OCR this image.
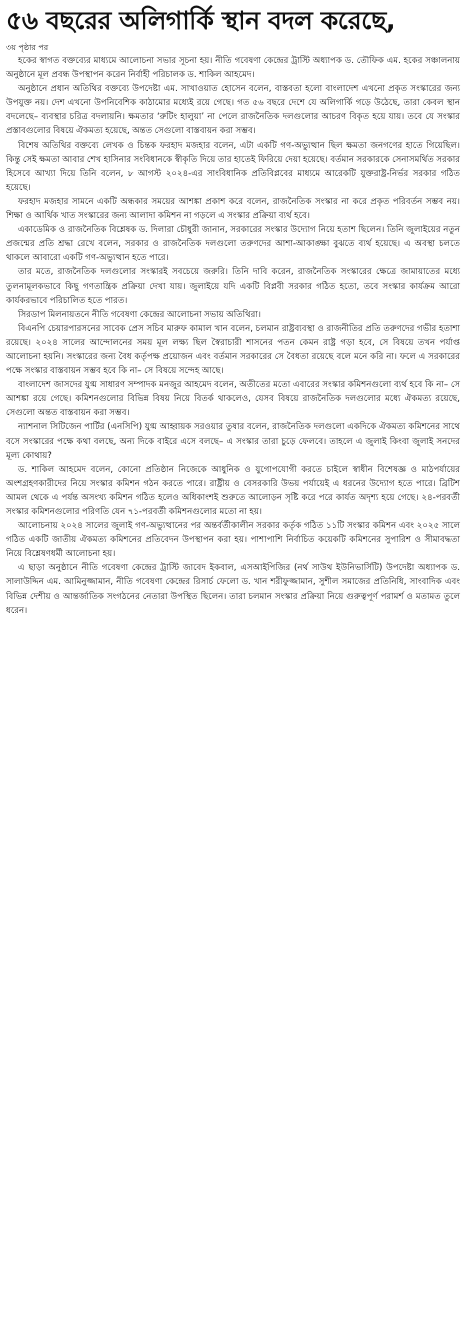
৫৬ বছরের অলিগার্কি স্থান বদল করেছে,
৩য় পৃষ্ঠার পর

হকের স্বাগত বক্তব্যের মাধ্যমে আলোচনা সভার সূচনা হয়। নীতি গবেষণা কেন্দ্রের ট্রাস্টি অধ্যাপক ড. তৌফিক এম. হকের সঞ্চালনায় অনুষ্ঠানে মূল প্রবন্ধ উপস্থাপন করেন নির্বাহী পরিচালক ড. শাকিল আহমেদ।

অনুষ্ঠানে প্রধান অতিথির বক্তব্যে উপদেষ্টা এম. সাখাওয়াত হোসেন বলেন, বাস্তবতা হলো বাংলাদেশ এখনো প্রকৃত সংস্কারের জন্য উপযুক্ত নয়। দেশ এখনো উপনিবেশিক কাঠামোর মধ্যেই রয়ে গেছে। গত ৫৬ বছরে দেশে যে অলিগার্কি গড়ে উঠেছে, তারা কেবল স্থান বদলেছে– ব্যবস্থার চরিত্র বদলায়নি। ক্ষমতার ‘রুটিং হালুয়া’ না পেলে রাজনৈতিক দলগুলোর আচরণ বিকৃত হয়ে যায়। তবে যে সংস্কার প্রস্তাবগুলোর বিষয়ে ঐকমত্য হয়েছে, অন্তত সেগুলো বাস্তবায়ন করা সম্ভব।

বিশেষ অতিথির বক্তব্যে লেখক ও চিন্তক ফরহাদ মজহার বলেন, এটা একটি গণ-অভ্যুত্থান ছিল ক্ষমতা জনগণের হাতে গিয়েছিল। কিন্তু সেই ক্ষমতা আবার শেখ হাসিনার সংবিধানকে স্বীকৃতি দিয়ে তার হাতেই ফিরিয়ে দেয়া হয়েছে। বর্তমান সরকারকে সেনাসমর্থিত সরকার হিসেবে আখ্যা দিয়ে তিনি বলেন, ৮ আগস্ট ২০২৪-এর সাংবিধানিক প্রতিবিপ্লবের মাধ্যমে আরেকটি যুক্তরাষ্ট্র-নির্ভর সরকার গঠিত হয়েছে।

ফরহাদ মজহার সামনে একটি অন্ধকার সময়ের আশঙ্কা প্রকাশ করে বলেন, রাজনৈতিক সংস্কার না করে প্রকৃত পরিবর্তন সম্ভব নয়। শিক্ষা ও আর্থিক খাত সংস্কারের জন্য আলাদা কমিশন না গড়লে এ সংস্কার প্রক্রিয়া ব্যর্থ হবে।

একাডেমিক ও রাজনৈতিক বিশ্লেষক ড. দিলারা চৌধুরী জানান, সরকারের সংস্কার উদ্যোগ নিয়ে হতাশ ছিলেন। তিনি জুলাইয়ের নতুন প্রজন্মের প্রতি শ্রদ্ধা রেখে বলেন, সরকার ও রাজনৈতিক দলগুলো তরুণদের আশা-আকাঙ্ক্ষা বুঝতে ব্যর্থ হয়েছে। এ অবস্থা চলতে থাকলে আবারো একটি গণ-অভ্যুত্থান হতে পারে।

তার মতে, রাজনৈতিক দলগুলোর সংস্কারই সবচেয়ে জরুরি। তিনি দাবি করেন, রাজনৈতিক সংস্কারের ক্ষেত্রে জামায়াতের মধ্যে তুলনামূলকভাবে কিছু গণতান্ত্রিক প্রক্রিয়া দেখা যায়। জুলাইয়ে যদি একটি বিপ্লবী সরকার গঠিত হতো, তবে সংস্কার কার্যক্রম আরো কার্যকরভাবে পরিচালিত হতে পারত।

সিরডাপ মিলনায়তনে নীতি গবেষণা কেন্দ্রের আলোচনা সভায় অতিথিরা।

বিএনপি চেয়ারপারসনের সাবেক প্রেস সচিব মারুফ কামাল খান বলেন, চলমান রাষ্ট্রব্যবস্থা ও রাজনীতির প্রতি তরুণদের গভীর হতাশা রয়েছে। ২০২৪ সালের আন্দোলনের সময় মূল লক্ষ্য ছিল স্বৈরাচারী শাসনের পতন কেমন রাষ্ট্র গড়া হবে, সে বিষয়ে তখন পর্যাপ্ত আলোচনা হয়নি। সংস্কারের জন্য বৈধ কর্তৃপক্ষ প্রয়োজন এবং বর্তমান সরকারের সে বৈধতা রয়েছে বলে মনে করি না। ফলে এ সরকারের পক্ষে সংস্কার বাস্তবায়ন সম্ভব হবে কি না– সে বিষয়ে সন্দেহ আছে।

বাংলাদেশ জাসদের যুগ্ম সাধারণ সম্পাদক মনজুর আহমেদ বলেন, অতীতের মতো এবারের সংস্কার কমিশনগুলো ব্যর্থ হবে কি না– সে আশঙ্কা রয়ে গেছে। কমিশনগুলোর বিভিন্ন বিষয় নিয়ে বিতর্ক থাকলেও, যেসব বিষয়ে রাজনৈতিক দলগুলোর মধ্যে ঐকমত্য রয়েছে, সেগুলো অন্তত বাস্তবায়ন করা সম্ভব।

ন্যাশনাল সিটিজেন পার্টির (এনসিপি) যুগ্ম আহ্বায়ক সরওয়ার তুষার বলেন, রাজনৈতিক দলগুলো একদিকে ঐকমত্য কমিশনের সাথে বসে সংস্কারের পক্ষে কথা বলছে, অন্য দিকে বাইরে এসে বলছে– এ সংস্কার তারা চুড়ে ফেলবে। তাহলে এ জুলাই কিংবা জুলাই সনদের মূল্য কোথায়?

ড. শাকিল আহমেদ বলেন, কোনো প্রতিষ্ঠান নিজেকে আধুনিক ও যুগোপযোগী করতে চাইলে স্বাধীন বিশেষজ্ঞ ও মাঠপর্যায়ের অংশগ্রহণকারীদের নিয়ে সংস্কার কমিশন গঠন করতে পারে। রাষ্ট্রীয় ও বেসরকারি উভয় পর্যায়েই এ ধরনের উদ্যোগ হতে পারে। ব্রিটিশ আমল থেকে এ পর্যন্ত অসংখ্য কমিশন গঠিত হলেও অধিকাংশই শুরুতে আলোড়ন সৃষ্টি করে পরে কার্যত অদৃশ্য হয়ে গেছে। ২৪-পরবর্তী সংস্কার কমিশনগুলোর পরিণতি যেন ৭১-পরবর্তী কমিশনগুলোর মতো না হয়।

আলোচনায় ২০২৪ সালের জুলাই গণ-অভ্যুত্থানের পর অন্তর্বর্তীকালীন সরকার কর্তৃক গঠিত ১১টি সংস্কার কমিশন এবং ২০২৫ সালে গঠিত একটি জাতীয় ঐকমত্য কমিশনের প্রতিবেদন উপস্থাপন করা হয়। পাশাপাশি নির্বাচিত কয়েকটি কমিশনের সুপারিশ ও সীমাবদ্ধতা নিয়ে বিশ্লেষণধর্মী আলোচনা হয়।

এ ছাড়া অনুষ্ঠানে নীতি গবেষণা কেন্দ্রের ট্রাস্টি জাবেদ ইকবাল, এসআইপিজির (নর্থ সাউথ ইউনিভার্সিটি) উপদেষ্টা অধ্যাপক ড. সালাউদ্দিন এম. আমিনুজ্জামান, নীতি গবেষণা কেন্দ্রের রিসার্চ ফেলো ড. খান শরীফুজ্জামান, সুশীল সমাজের প্রতিনিধি, সাংবাদিক এবং বিভিন্ন দেশীয় ও আন্তর্জাতিক সংগঠনের নেতারা উপস্থিত ছিলেন। তারা চলমান সংস্কার প্রক্রিয়া নিয়ে গুরুত্বপূর্ণ পরামর্শ ও মতামত তুলে ধরেন।
